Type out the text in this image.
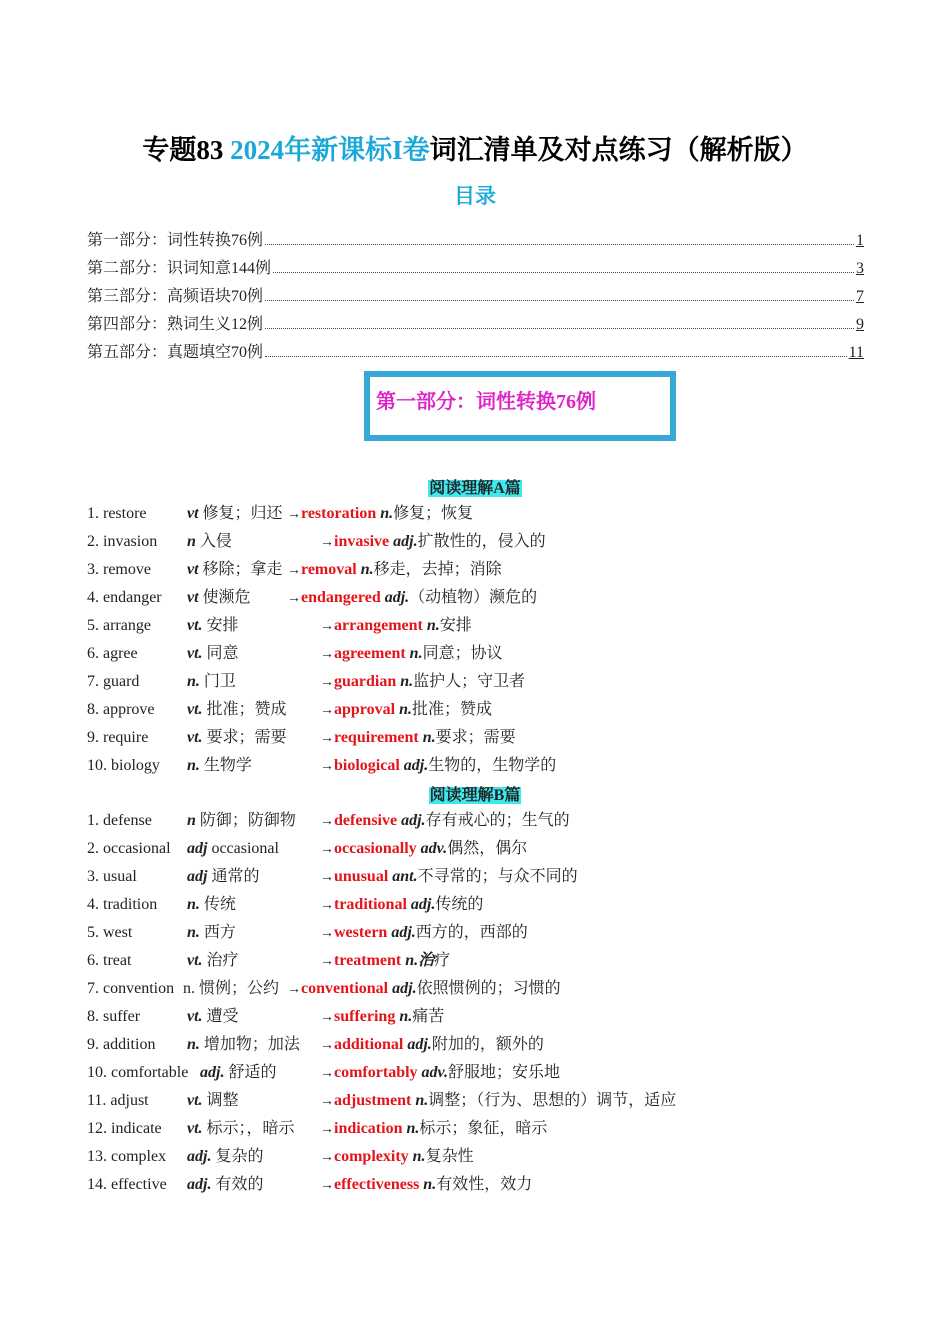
专题83 2024年新课标I卷词汇清单及对点练习（解析版）
目录
第一部分：词性转换76例	1
第二部分：识词知意144例	3
第三部分：高频语块70例	7
第四部分：熟词生义12例	9
第五部分：真题填空70例	11
第一部分：词性转换76例
阅读理解A篇
1. restore	vt 修复；归还 →restoration n.修复；恢复
2. invasion n 入侵	→invasive adj.扩散性的，侵入的
3. remove vt 移除；拿走 →removal n.移走，去掉；消除
4. endanger vt 使濒危	→endangered adj.（动植物）濒危的
5. arrange vt. 安排	→arrangement n.安排
6. agree	vt. 同意	→agreement n.同意；协议
7. guard	n. 门卫	→guardian n.监护人；守卫者
8. approve vt. 批准；赞成 →approval n.批准；赞成
9. require vt. 要求；需要 →requirement n.要求；需要
10. biology n. 生物学	→biological adj.生物的，生物学的
阅读理解B篇
1. defense n 防御；防御物 →defensive adj.存有戒心的；生气的
2. occasional adj occasional	→occasionally adv.偶然，偶尔
3. usual	adj 通常的	→unusual ant.不寻常的；与众不同的
4. tradition n. 传统	→traditional adj.传统的
5. west	n. 西方	→western adj.西方的，西部的
6. treat	vt. 治疗	→treatment n.治疗
7. convention n. 惯例；公约 →conventional adj.依照惯例的；习惯的
8. suffer	vt. 遭受	→suffering n.痛苦
9. addition n. 增加物；加法 →additional adj.附加的，额外的
10. comfortable adj. 舒适的	→comfortably adv.舒服地；安乐地
11. adjust vt. 调整	→adjustment n.调整；（行为、思想的）调节，适应
12. indicate vt. 标示；，暗示 →indication n.标示；象征，暗示
13. complex adj. 复杂的	→complexity n.复杂性
14. effective adj. 有效的	→effectiveness n.有效性，效力
